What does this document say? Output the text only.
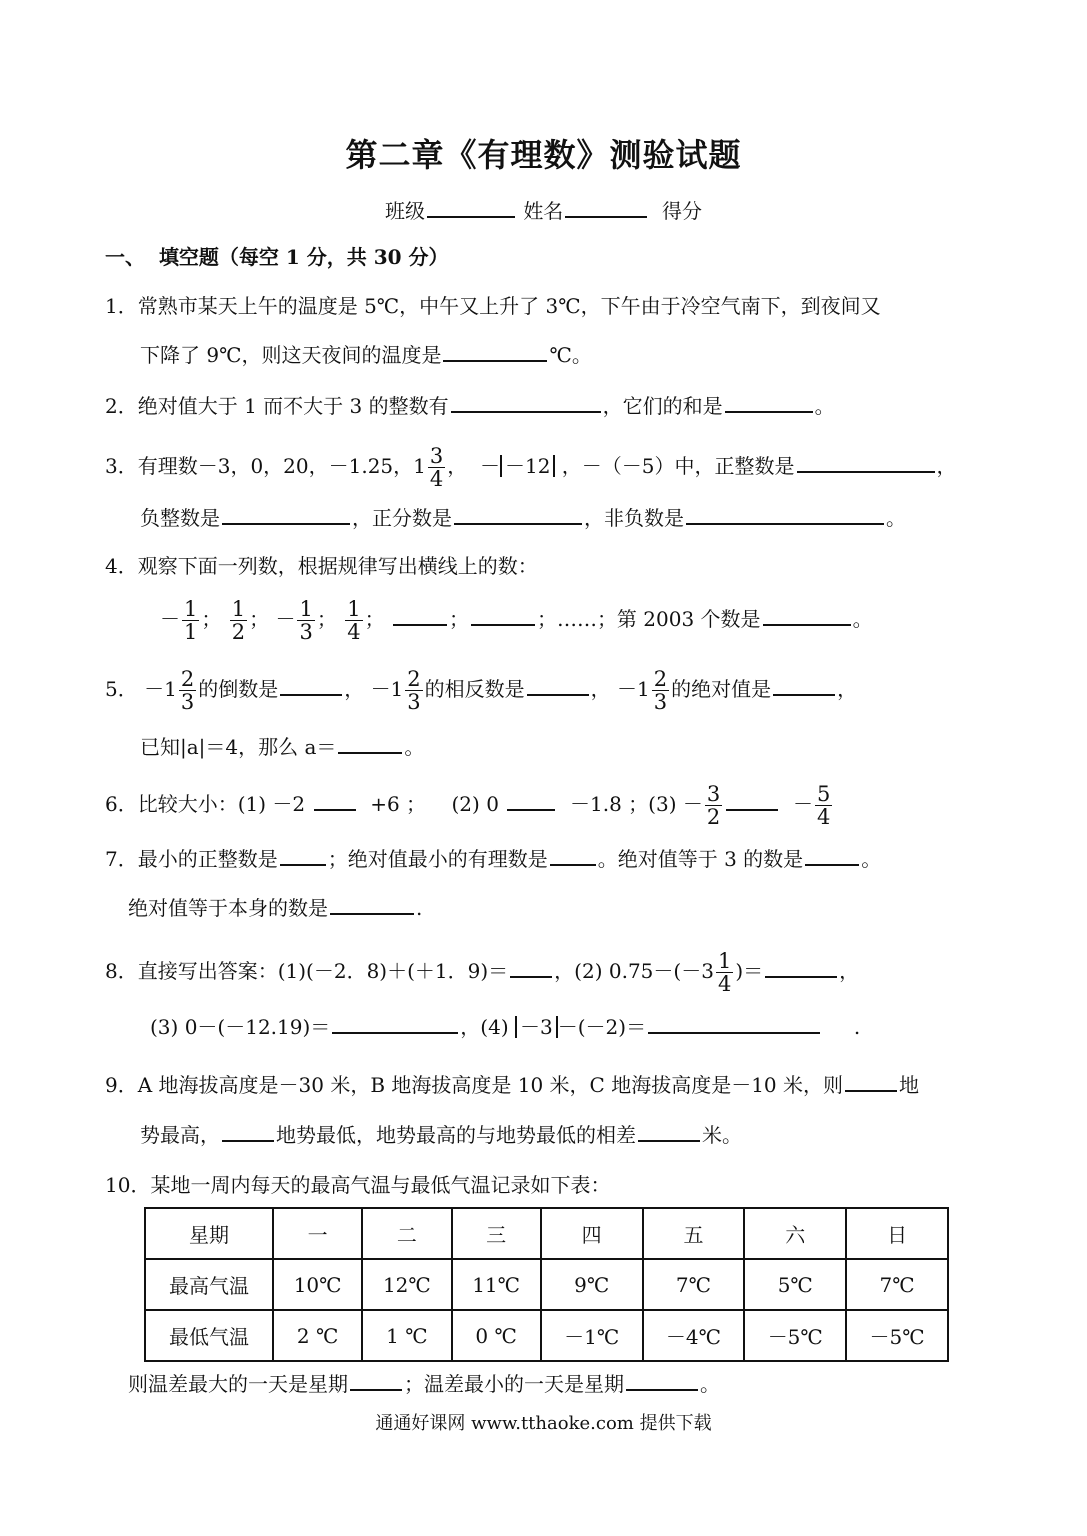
第二章《有理数》测验试题
班级	姓名	得分
一、 填空题（每空 1 分，共 30 分）
1．常熟市某天上午的温度是 5℃，中午又上升了 3℃，下午由于冷空气南下，到夜间又
下降了 9℃，则这天夜间的温度是	℃。
2．绝对值大于 1 而不大于 3 的整数有	，它们的和是	。
3．有理数－3，0，20，－1.25，$1 \frac{3}{4}$ ， － －12 ，－（－5）中，正整数是	，
负整数是	，正分数是	，非负数是	。
4．观察下面一列数，根据规律写出横线上的数：
－ $\frac{1}{1}$ ； $\frac{1}{2}$ ； － $\frac{1}{3}$ ； $\frac{1}{4}$ ；	；	；……；第 2003 个数是	。
5． $-1 \frac{2}{3}$ 的倒数是	， $-1 \frac{2}{3}$ 的相反数是	， $-1 \frac{2}{3}$ 的绝对值是	，
已知|a|＝4，那么 a＝	。
6．比较大小：(1) －2	+6 ； (2) 0	－1.8 ；$(3) - \frac{3}{2}$	－ $\frac{5}{4}$
7．最小的正整数是	；绝对值最小的有理数是	。绝对值等于 3 的数是	。
绝对值等于本身的数是	.
8．直接写出答案：(1)(－2．8)＋(＋1．9)＝ ，(2) $0.75-(-3 \frac{1}{4}$ )＝	，
(3) 0－(－12.19)＝	，(4) －3 －(－2)＝	.
9．A 地海拔高度是－30 米，B 地海拔高度是 10 米，C 地海拔高度是－10 米，则	地
势最高，	地势最低，地势最高的与地势最低的相差	米。
10．某地一周内每天的最高气温与最低气温记录如下表：
星期	一	二	三	四	五	六	日
最高气温	10℃	12℃	11℃	9℃	7℃	5℃	7℃
最低气温	2 ℃	1 ℃	0 ℃	－1℃	－4℃	－5℃	－5℃
则温差最大的一天是星期	；温差最小的一天是星期	。
通通好课网 www.tthaoke.com 提供下载
